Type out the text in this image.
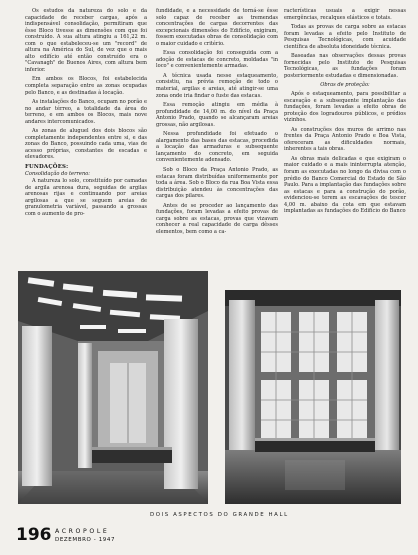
Os estudos da natureza do solo e da capacidade de receber cargas, após a indispensável consolidação, permitiram que êsse Bloco tivesse as dimensões com que foi construído. A sua altura atingiu a 161,22 m. com o que estabeleceu-se um "record" de altura na América do Sul, de vez que o mais alto edifício até então construído era o "Cavanagh" de Buenos Aires, com altura bem inferior.

Em ambos os Blocos, foi estabelecida completa separação entre as zonas ocupadas pelo Banco, e as destinadas à locação.

As instalações do Banco, ocupam no porão e no andar térreo, a totalidade da área do terreno, e em ambos os Blocos, mais nove andares intercomunicados.

As zonas de aluguel dos dois blocos são completamente independentes entre si, e das zonas do Banco, possuindo cada uma, vias de acesso próprias, constantes de escadas e elevadores.

FUNDAÇÕES:

Consolidação do terreno:

A natureza lo solo, constituído por camadas de argila arenosa dura, seguidas de argilas arenosas rijas e continuando por areias argilosas a que se seguem areias de granulometria variável, passando a grossas com o aumento de pro-

fundidade, e a necessidade de torná-se êsse solo capaz de receber as tremendas concentrações de cargas decorrentes das excepcionais dimensões do Edifício, exigiram, fossem executadas obras de consolidação com o maior cuidado e critério.

Essa consolidação foi conseguida com a adoção de estacas de concreto, moldadas "in loco" e convenientemente armadas.

A técnica usada nesse estaqueamento, consistiu, na prévia remoção de todo o material, argilas e areias, até atingir-se uma zona onde iria findar o fuste das estacas.

Essa remoção atingiu em média à profundidade de 14,00 m. do nível da Praça Antonio Prado, quando se alcançaram areias grossas, não argilosas.

Nessa profundidade foi efetuado o alargamento das bases das estacas, procedida a locação das armaduras e subsequente lançamento do concreto, em seguida convenientemente adensado.

Sob o Bloco da Praça Antonio Prado, as estacas foram distribuídas uniformemente por toda a área. Sob o Bloco da rua Boa Vista essa distribuição atendeu às concentrações das cargas dos pilares.

Antes de se proceder ao lançamento das fundações, foram levadas a efeito provas de carga sobre as estacas, provas que vizavam conhecer a real capacidade de carga dêsses elementos, bem como a ca-

racterísticas usuais a exigir nessas emergências, recalques elásticos e totais.

Todas as provas de carga sobre as estacas foram levadas a efeito pelo Instituto de Pesquisas Tecnológicas, com acuidade científica de absoluta idoneidade técnica.

Baseadas nas observações dessas provas fornecidas pelo Instituto de Pesquisas Tecnológicas, as fundações foram posteriormente estudadas e dimensionadas.

Obras de proteção:

Após o estaqueamento, para possibilitar a escavação e a subsequente implantação das fundações, foram levadas a efeito obras de proteção dos logradouros públicos, e prédios vizinhos.

As construções dos muros de arrimo nas frentes da Praça Antonio Prado e Boa Vista, ofereceram as dificuldades normais, inherentes a tais obras.

As obras mais delicadas e que exigiram o maior cuidado e a mais ininterrupta atenção, foram as executadas no longo da divisa com o prédio do Banco Comercial do Estado de São Paulo. Para a implantação das fundações sobre as estacas e para a construção do porão, evidenciou-se terem as escavações de tescer 4,00 m. abaixo da cota em que estavam implantadas as fundações do Edifício do Banco

DOIS ASPECTOS DO GRANDE HALL
196 ACROPOLE
DEZEMBRO - 1947
